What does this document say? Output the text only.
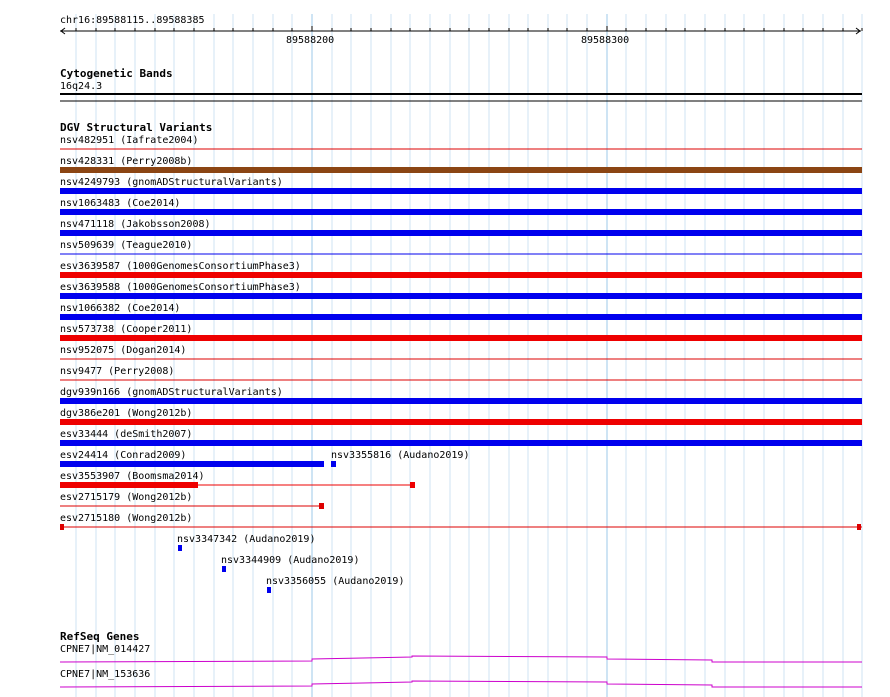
chr16:89588115..89588385
89588200	89588300
Cytogenetic Bands
16q24.3
DGV Structural Variants
nsv482951 (Iafrate2004)
nsv428331 (Perry2008b)
nsv4249793 (gnomADStructuralVariants)
nsv1063483 (Coe2014)
nsv471118 (Jakobsson2008)
nsv509639 (Teague2010)
esv3639587 (1000GenomesConsortiumPhase3)
esv3639588 (1000GenomesConsortiumPhase3)
nsv1066382 (Coe2014)
nsv573738 (Cooper2011)
nsv952075 (Dogan2014)
nsv9477 (Perry2008)
dgv939n166 (gnomADStructuralVariants)
dgv386e201 (Wong2012b)
esv33444 (deSmith2007)
esv24414 (Conrad2009)	nsv3355816 (Audano2019)
esv3553907 (Boomsma2014)
esv2715179 (Wong2012b)
esv2715180 (Wong2012b)
nsv3347342 (Audano2019)
nsv3344909 (Audano2019)
nsv3356055 (Audano2019)
RefSeq Genes
CPNE7|NM_014427
CPNE7|NM_153636
